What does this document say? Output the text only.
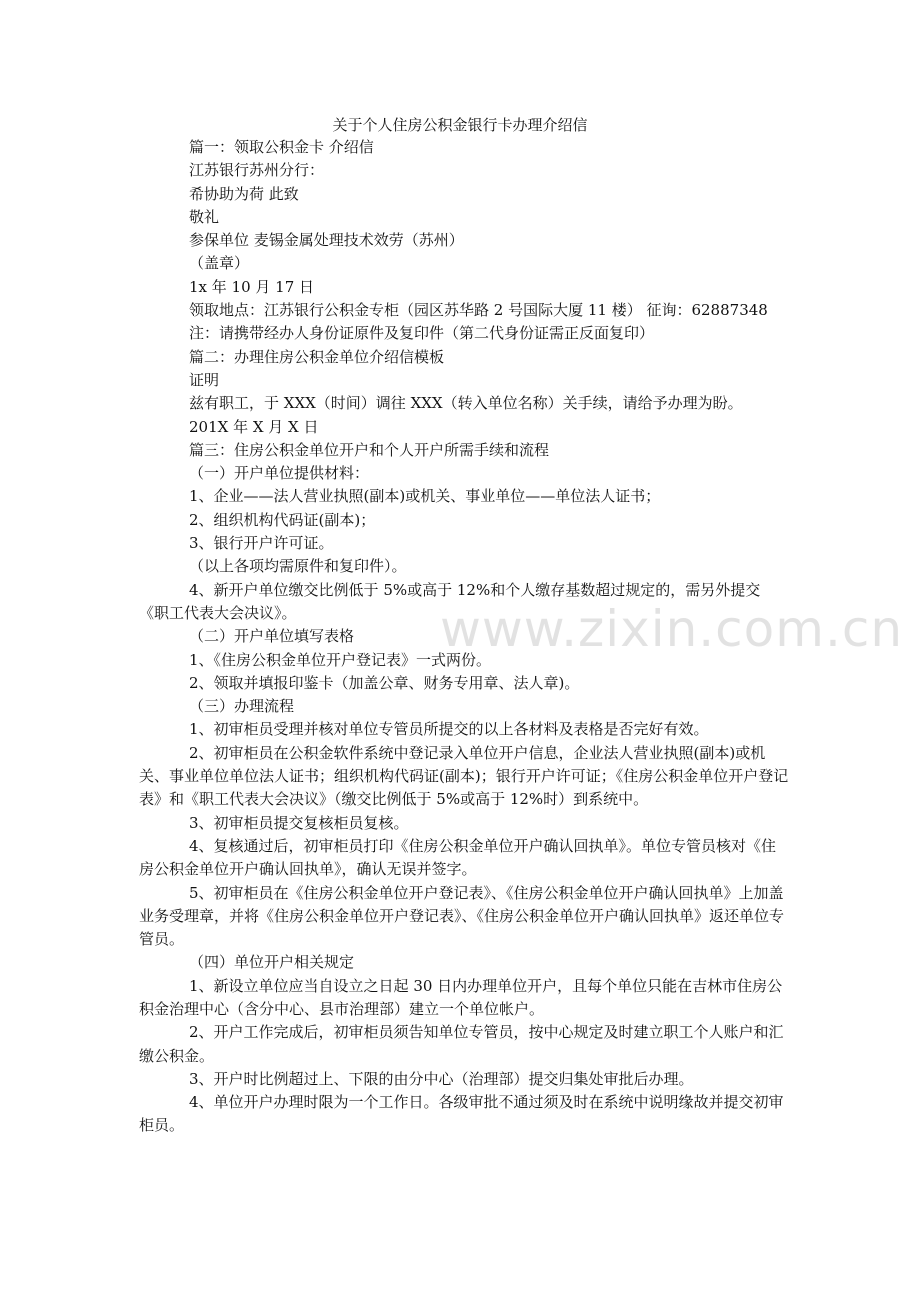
www.zixin.com.cn
关于个人住房公积金银行卡办理介绍信

篇一：领取公积金卡 介绍信

江苏银行苏州分行：

希协助为荷 此致

敬礼

参保单位 麦锡金属处理技术效劳（苏州）

（盖章）

1x 年 10 月 17 日

领取地点：江苏银行公积金专柜（园区苏华路 2 号国际大厦 11 楼） 征询：62887348

注：请携带经办人身份证原件及复印件（第二代身份证需正反面复印）

篇二：办理住房公积金单位介绍信模板

证明

兹有职工，于 XXX（时间）调往 XXX（转入单位名称）关手续，请给予办理为盼。

201X 年 X 月 X 日

篇三：住房公积金单位开户和个人开户所需手续和流程

（一）开户单位提供材料：

1、企业——法人营业执照(副本)或机关、事业单位——单位法人证书；

2、组织机构代码证(副本)；

3、银行开户许可证。

（以上各项均需原件和复印件）。

4、新开户单位缴交比例低于 5%或高于 12%和个人缴存基数超过规定的，需另外提交《职工代表大会决议》。

（二）开户单位填写表格

1、《住房公积金单位开户登记表》一式两份。

2、领取并填报印鉴卡（加盖公章、财务专用章、法人章)。

（三）办理流程

1、初审柜员受理并核对单位专管员所提交的以上各材料及表格是否完好有效。

2、初审柜员在公积金软件系统中登记录入单位开户信息，企业法人营业执照(副本)或机关、事业单位单位法人证书；组织机构代码证(副本)；银行开户许可证；《住房公积金单位开户登记表》和《职工代表大会决议》（缴交比例低于 5%或高于 12%时）到系统中。

3、初审柜员提交复核柜员复核。

4、复核通过后，初审柜员打印《住房公积金单位开户确认回执单》。单位专管员核对《住房公积金单位开户确认回执单》，确认无误并签字。

5、初审柜员在《住房公积金单位开户登记表》、《住房公积金单位开户确认回执单》上加盖业务受理章，并将《住房公积金单位开户登记表》、《住房公积金单位开户确认回执单》返还单位专管员。

（四）单位开户相关规定

1、新设立单位应当自设立之日起 30 日内办理单位开户，且每个单位只能在吉林市住房公积金治理中心（含分中心、县市治理部）建立一个单位帐户。

2、开户工作完成后，初审柜员须告知单位专管员，按中心规定及时建立职工个人账户和汇缴公积金。

3、开户时比例超过上、下限的由分中心（治理部）提交归集处审批后办理。

4、单位开户办理时限为一个工作日。各级审批不通过须及时在系统中说明缘故并提交初审柜员。
